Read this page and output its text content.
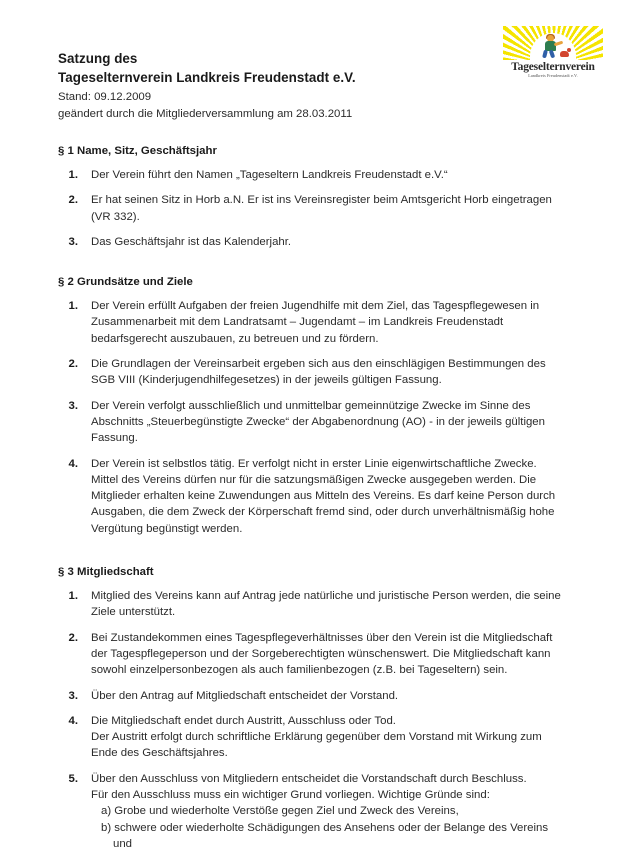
Tageselternverein
Landkreis Freudenstadt e.V.
Satzung des
Tageselternverein Landkreis Freudenstadt e.V.
Stand: 09.12.2009
geändert durch die Mitgliederversammlung am 28.03.2011
§ 1 Name, Sitz, Geschäftsjahr
1. Der Verein führt den Namen „Tageseltern Landkreis Freudenstadt e.V.“
2. Er hat seinen Sitz in Horb a.N. Er ist ins Vereinsregister beim Amtsgericht Horb eingetragen (VR 332).
3. Das Geschäftsjahr ist das Kalenderjahr.
§ 2 Grundsätze und Ziele
1. Der Verein erfüllt Aufgaben der freien Jugendhilfe mit dem Ziel, das Tagespflegewesen in Zusammenarbeit mit dem Landratsamt – Jugendamt – im Landkreis Freudenstadt bedarfsgerecht auszubauen, zu betreuen und zu fördern.
2. Die Grundlagen der Vereinsarbeit ergeben sich aus den einschlägigen Bestimmungen des SGB VIII (Kinderjugendhilfegesetzes) in der jeweils gültigen Fassung.
3. Der Verein verfolgt ausschließlich und unmittelbar gemeinnützige Zwecke im Sinne des Abschnitts „Steuerbegünstigte Zwecke“ der Abgabenordnung (AO) - in der jeweils gültigen Fassung.
4. Der Verein ist selbstlos tätig. Er verfolgt nicht in erster Linie eigenwirtschaftliche Zwecke. Mittel des Vereins dürfen nur für die satzungsmäßigen Zwecke ausgegeben werden. Die Mitglieder erhalten keine Zuwendungen aus Mitteln des Vereins. Es darf keine Person durch Ausgaben, die dem Zweck der Körperschaft fremd sind, oder durch unverhältnismäßig hohe Vergütung begünstigt werden.
§ 3 Mitgliedschaft
1. Mitglied des Vereins kann auf Antrag jede natürliche und juristische Person werden, die seine Ziele unterstützt.
2. Bei Zustandekommen eines Tagespflegeverhältnisses über den Verein ist die Mitgliedschaft der Tagespflegeperson und der Sorgeberechtigten wünschenswert. Die Mitgliedschaft kann sowohl einzelpersonbezogen als auch familienbezogen (z.B. bei Tageseltern) sein.
3. Über den Antrag auf Mitgliedschaft entscheidet der Vorstand.
4. Die Mitgliedschaft endet durch Austritt, Ausschluss oder Tod.
Der Austritt erfolgt durch schriftliche Erklärung gegenüber dem Vorstand mit Wirkung zum Ende des Geschäftsjahres.
5. Über den Ausschluss von Mitgliedern entscheidet die Vorstandschaft durch Beschluss.
Für den Ausschluss muss ein wichtiger Grund vorliegen. Wichtige Gründe sind:
a) Grobe und wiederholte Verstöße gegen Ziel und Zweck des Vereins,
b) schwere oder wiederholte Schädigungen des Ansehens oder der Belange des Vereins
und
